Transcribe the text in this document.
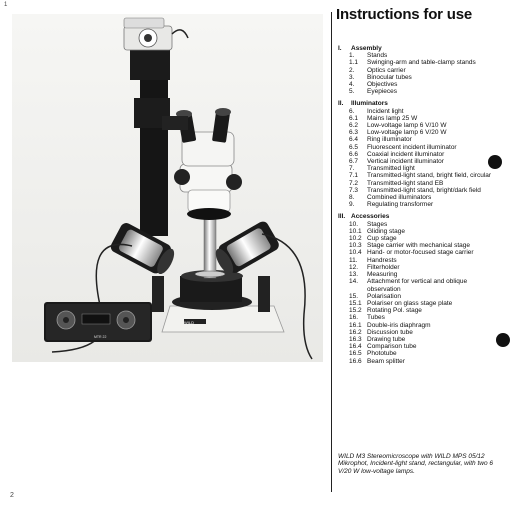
1
WILD
MTR 22
Instructions for use
I.	Assembly
1.	Stands
1.1	Swinging-arm and table-clamp stands
2.	Optics carrier
3.	Binocular tubes
4.	Objectives
5.	Eyepieces
II.	Illuminators
6.	Incident light
6.1	Mains lamp 25 W
6.2	Low-voltage lamp 6 V/10 W
6.3	Low-voltage lamp 6 V/20 W
6.4	Ring illuminator
6.5	Fluorescent incident illuminator
6.6	Coaxial incident illuminator
6.7	Vertical incident illuminator
7.	Transmitted light
7.1	Transmitted-light stand, bright field, circular
7.2	Transmitted-light stand EB
7.3	Transmitted-light stand, bright/dark field
8.	Combined illuminators
9.	Regulating transformer
III. Accessories
10.	Stages
10.1 Gliding stage
10.2 Cup stage
10.3 Stage carrier with mechanical stage
10.4 Hand- or motor-focused stage carrier
11.	Handrests
12.	Filterholder
13.	Measuring
14.	Attachment for vertical and oblique observation
15.	Polarisation
15.1 Polariser on glass stage plate
15.2 Rotating Pol. stage
16.	Tubes
16.1 Double-iris diaphragm
16.2 Discussion tube
16.3 Drawing tube
16.4 Comparison tube
16.5 Phototube
16.6 Beam splitter
WILD M3 Stereomicroscope with WILD MPS 05/12 Mikrophot, Incident-light stand, rectangular, with two 6 V/20 W low-voltage lamps.
2
